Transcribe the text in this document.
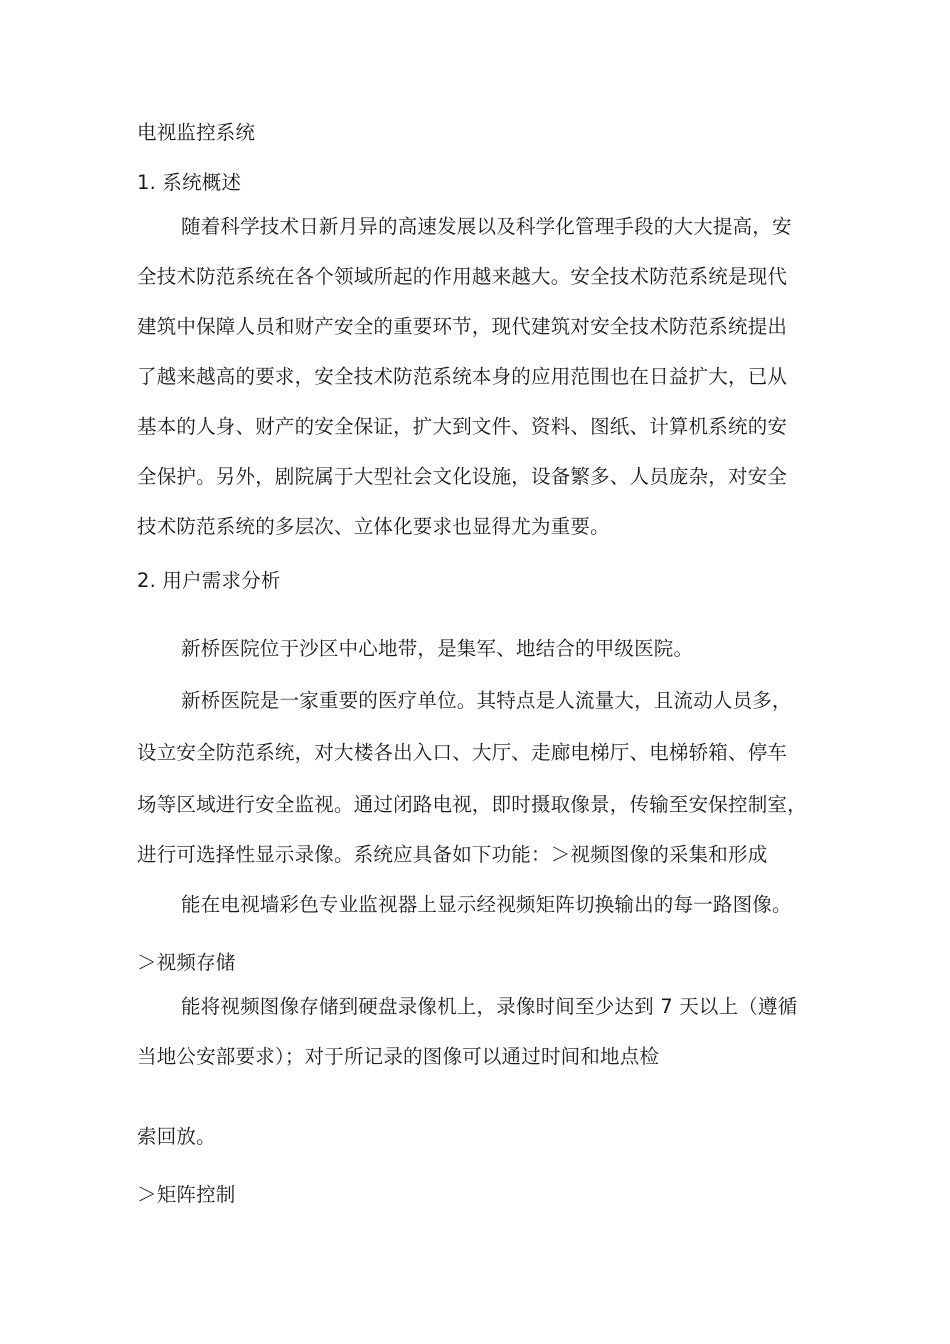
电视监控系统
1. 系统概述
随着科学技术日新月异的高速发展以及科学化管理手段的大大提高，安
全技术防范系统在各个领域所起的作用越来越大。安全技术防范系统是现代
建筑中保障人员和财产安全的重要环节，现代建筑对安全技术防范系统提出
了越来越高的要求，安全技术防范系统本身的应用范围也在日益扩大，已从
基本的人身、财产的安全保证，扩大到文件、资料、图纸、计算机系统的安
全保护。另外，剧院属于大型社会文化设施，设备繁多、人员庞杂，对安全
技术防范系统的多层次、立体化要求也显得尤为重要。
2. 用户需求分析
新桥医院位于沙区中心地带，是集军、地结合的甲级医院。
新桥医院是一家重要的医疗单位。其特点是人流量大，且流动人员多，
设立安全防范系统，对大楼各出入口、大厅、走廊电梯厅、电梯轿箱、停车
场等区域进行安全监视。通过闭路电视，即时摄取像景，传输至安保控制室，
进行可选择性显示录像。系统应具备如下功能：＞视频图像的采集和形成
能在电视墙彩色专业监视器上显示经视频矩阵切换输出的每一路图像。
＞视频存储
能将视频图像存储到硬盘录像机上，录像时间至少达到 7 天以上（遵循
当地公安部要求）；对于所记录的图像可以通过时间和地点检
索回放。
＞矩阵控制
